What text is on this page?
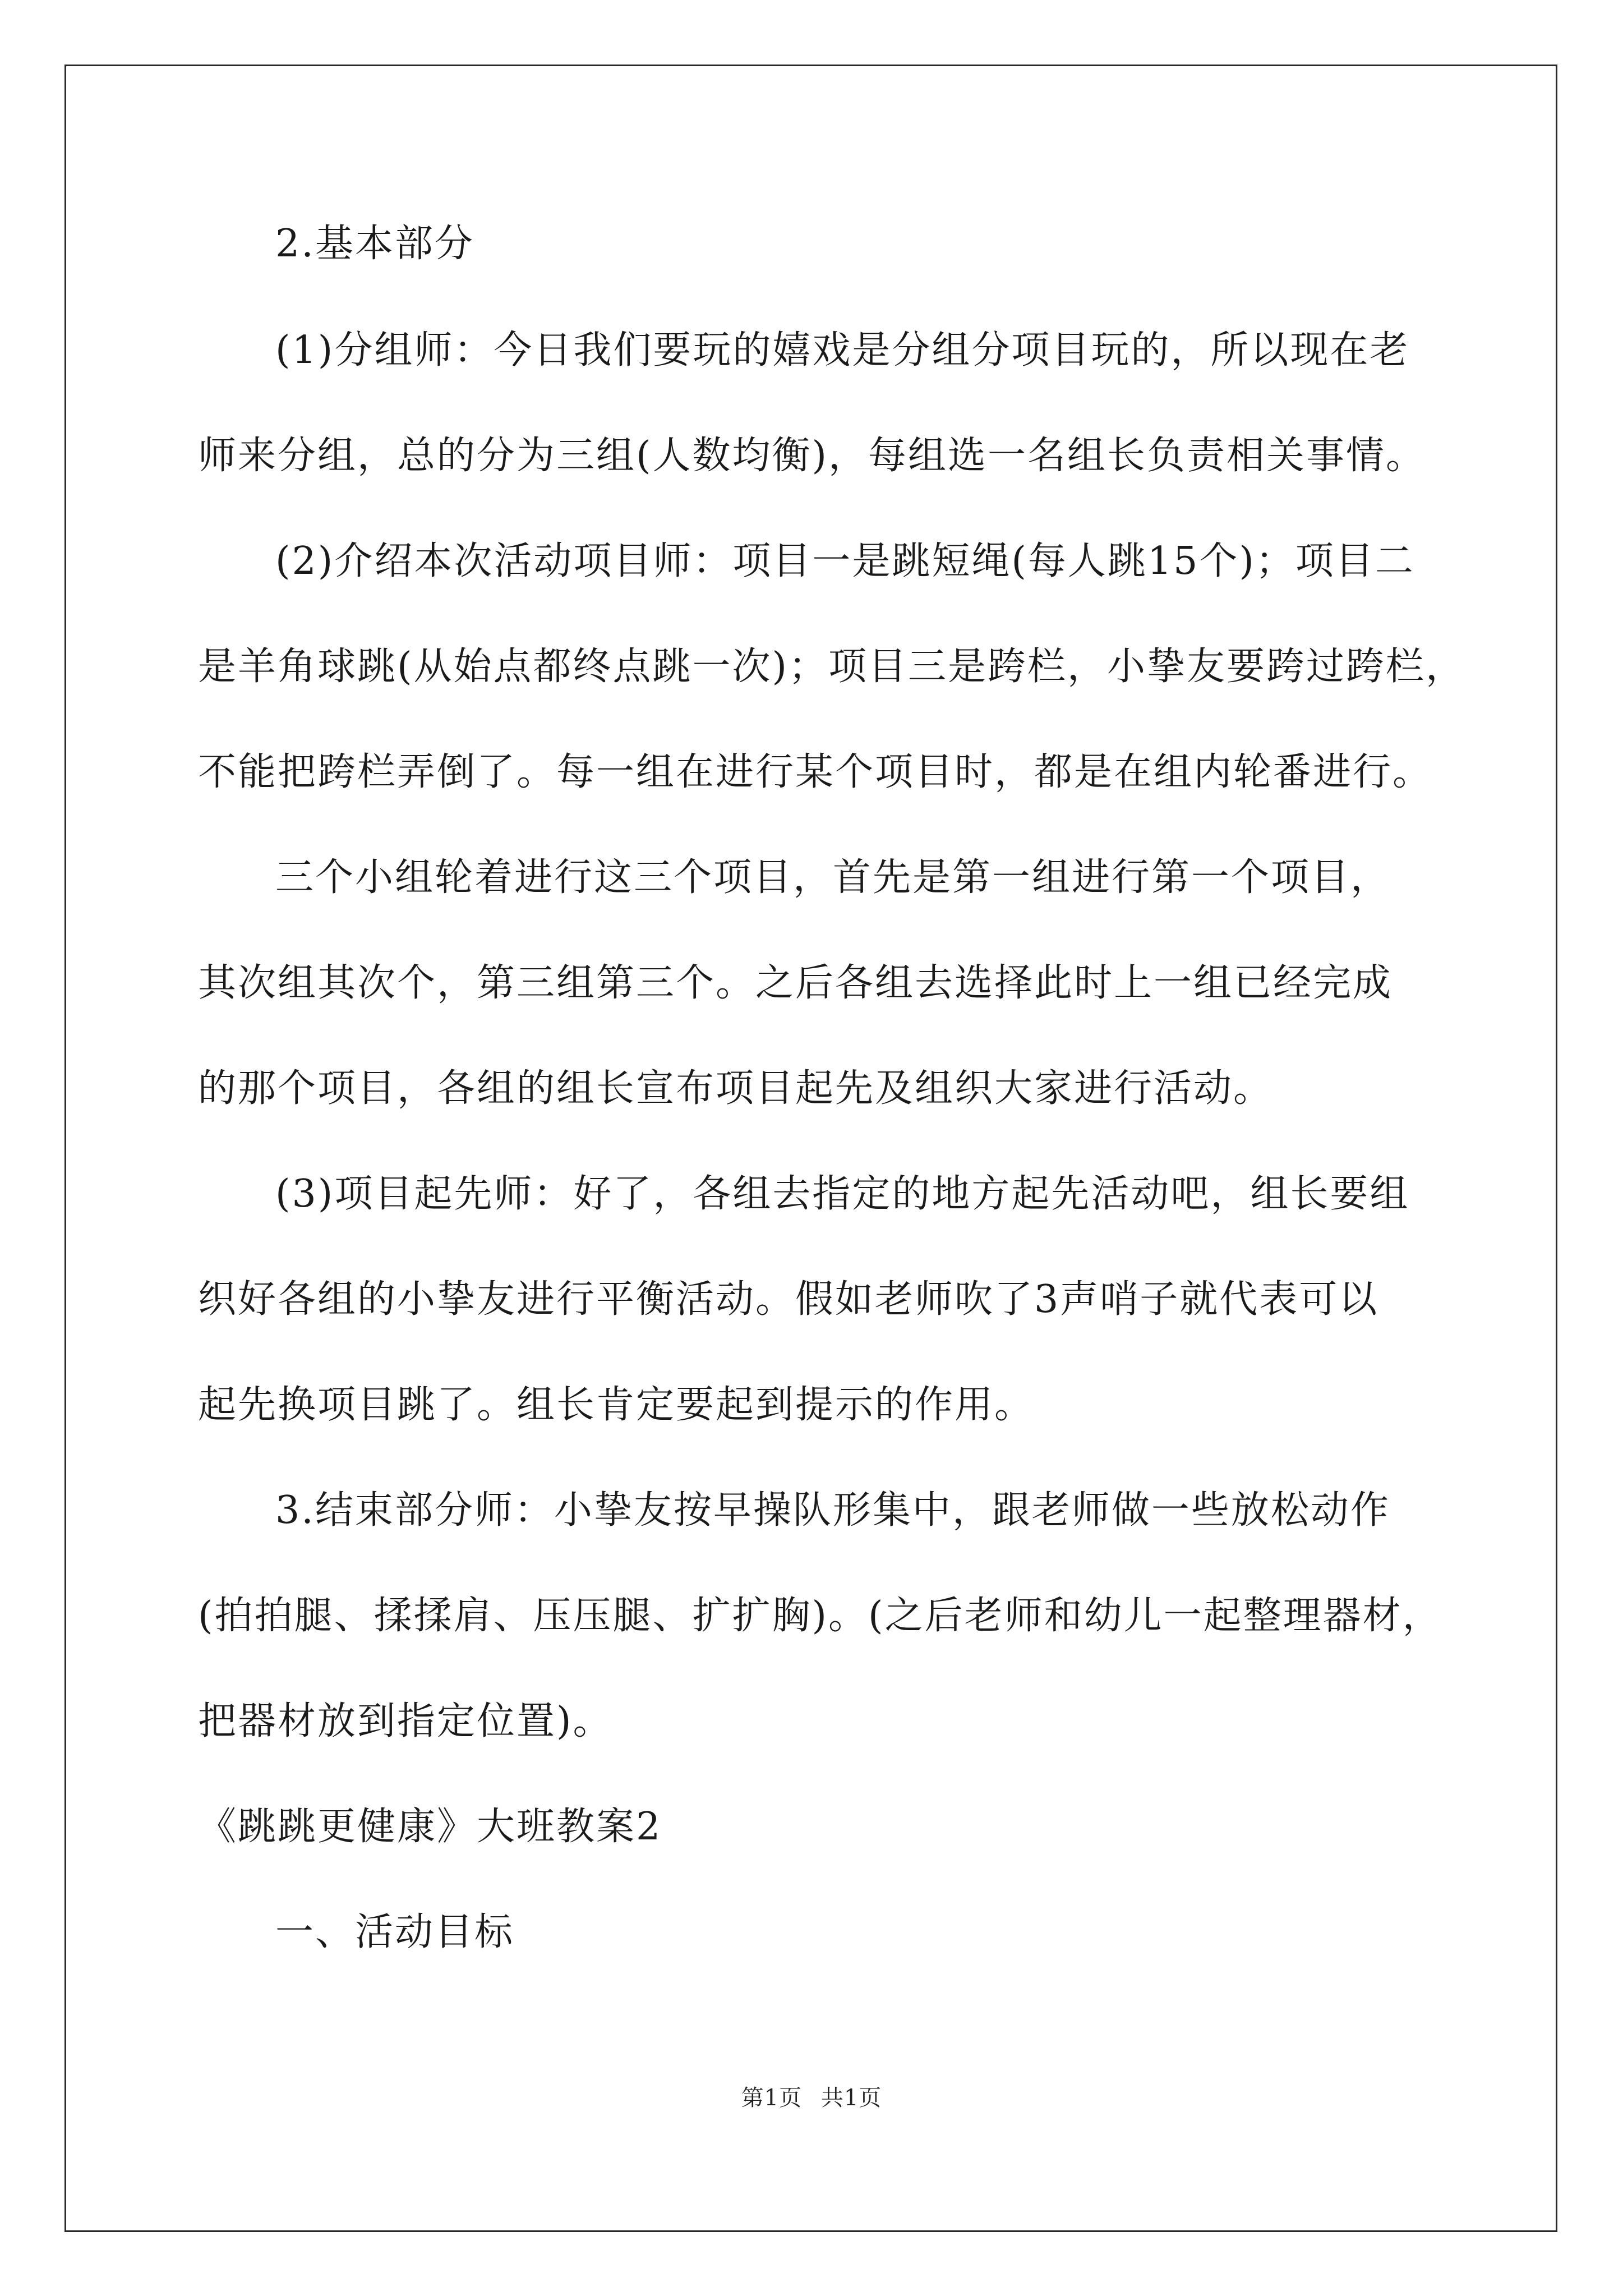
2.基本部分
(1)分组师：今日我们要玩的嬉戏是分组分项目玩的，所以现在老
师来分组，总的分为三组(人数均衡)，每组选一名组长负责相关事情。
(2)介绍本次活动项目师：项目一是跳短绳(每人跳15个)；项目二
是羊角球跳(从始点都终点跳一次)；项目三是跨栏，小挚友要跨过跨栏，
不能把跨栏弄倒了。每一组在进行某个项目时，都是在组内轮番进行。
三个小组轮着进行这三个项目，首先是第一组进行第一个项目，
其次组其次个，第三组第三个。之后各组去选择此时上一组已经完成
的那个项目，各组的组长宣布项目起先及组织大家进行活动。
(3)项目起先师：好了，各组去指定的地方起先活动吧，组长要组
织好各组的小挚友进行平衡活动。假如老师吹了3声哨子就代表可以
起先换项目跳了。组长肯定要起到提示的作用。
3.结束部分师：小挚友按早操队形集中，跟老师做一些放松动作
(拍拍腿、揉揉肩、压压腿、扩扩胸)。(之后老师和幼儿一起整理器材，
把器材放到指定位置)。
《跳跳更健康》大班教案2
一、活动目标
第1页 共1页
